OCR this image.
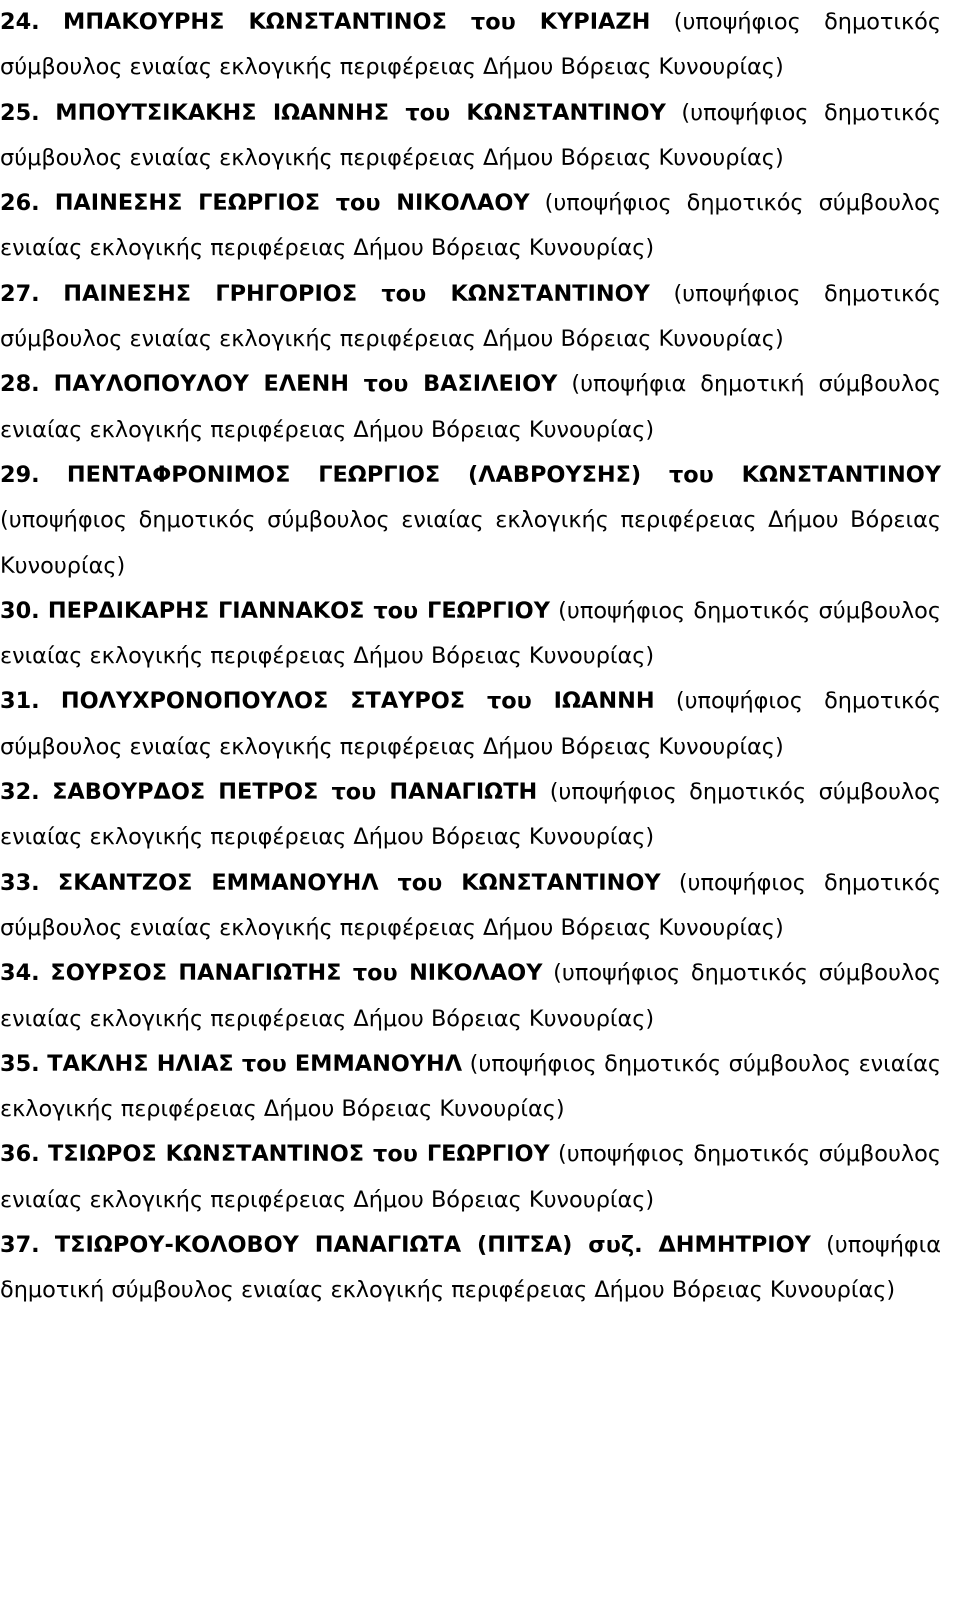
24. ΜΠΑΚΟΥΡΗΣ ΚΩΝΣΤΑΝΤΙΝΟΣ του ΚΥΡΙΑΖΗ (υποψήφιος δημοτικός σύμβουλος ενιαίας εκλογικής περιφέρειας Δήμου Βόρειας Κυνουρίας)

25. ΜΠΟΥΤΣΙΚΑΚΗΣ ΙΩΑΝΝΗΣ του ΚΩΝΣΤΑΝΤΙΝΟΥ (υποψήφιος δημοτικός σύμβουλος ενιαίας εκλογικής περιφέρειας Δήμου Βόρειας Κυνουρίας)

26. ΠΑΙΝΕΣΗΣ ΓΕΩΡΓΙΟΣ του ΝΙΚΟΛΑΟΥ (υποψήφιος δημοτικός σύμβουλος ενιαίας εκλογικής περιφέρειας Δήμου Βόρειας Κυνουρίας)

27. ΠΑΙΝΕΣΗΣ ΓΡΗΓΟΡΙΟΣ του ΚΩΝΣΤΑΝΤΙΝΟΥ (υποψήφιος δημοτικός σύμβουλος ενιαίας εκλογικής περιφέρειας Δήμου Βόρειας Κυνουρίας)

28. ΠΑΥΛΟΠΟΥΛΟΥ ΕΛΕΝΗ του ΒΑΣΙΛΕΙΟΥ (υποψήφια δημοτική σύμβουλος ενιαίας εκλογικής περιφέρειας Δήμου Βόρειας Κυνουρίας)

29. ΠΕΝΤΑΦΡΟΝΙΜΟΣ ΓΕΩΡΓΙΟΣ (ΛΑΒΡΟΥΣΗΣ) του ΚΩΝΣΤΑΝΤΙΝΟΥ (υποψήφιος δημοτικός σύμβουλος ενιαίας εκλογικής περιφέρειας Δήμου Βόρειας Κυνουρίας)

30. ΠΕΡΔΙΚΑΡΗΣ ΓΙΑΝΝΑΚΟΣ του ΓΕΩΡΓΙΟΥ (υποψήφιος δημοτικός σύμβουλος ενιαίας εκλογικής περιφέρειας Δήμου Βόρειας Κυνουρίας)

31. ΠΟΛΥΧΡΟΝΟΠΟΥΛΟΣ ΣΤΑΥΡΟΣ του ΙΩΑΝΝΗ (υποψήφιος δημοτικός σύμβουλος ενιαίας εκλογικής περιφέρειας Δήμου Βόρειας Κυνουρίας)

32. ΣΑΒΟΥΡΔΟΣ ΠΕΤΡΟΣ του ΠΑΝΑΓΙΩΤΗ (υποψήφιος δημοτικός σύμβουλος ενιαίας εκλογικής περιφέρειας Δήμου Βόρειας Κυνουρίας)

33. ΣΚΑΝΤΖΟΣ ΕΜΜΑΝΟΥΗΛ του ΚΩΝΣΤΑΝΤΙΝΟΥ (υποψήφιος δημοτικός σύμβουλος ενιαίας εκλογικής περιφέρειας Δήμου Βόρειας Κυνουρίας)

34. ΣΟΥΡΣΟΣ ΠΑΝΑΓΙΩΤΗΣ του ΝΙΚΟΛΑΟΥ (υποψήφιος δημοτικός σύμβουλος ενιαίας εκλογικής περιφέρειας Δήμου Βόρειας Κυνουρίας)

35. ΤΑΚΛΗΣ ΗΛΙΑΣ του ΕΜΜΑΝΟΥΗΛ (υποψήφιος δημοτικός σύμβουλος ενιαίας εκλογικής περιφέρειας Δήμου Βόρειας Κυνουρίας)

36. ΤΣΙΩΡΟΣ ΚΩΝΣΤΑΝΤΙΝΟΣ του ΓΕΩΡΓΙΟΥ (υποψήφιος δημοτικός σύμβουλος ενιαίας εκλογικής περιφέρειας Δήμου Βόρειας Κυνουρίας)

37. ΤΣΙΩΡΟΥ-ΚΟΛΟΒΟΥ ΠΑΝΑΓΙΩΤΑ (ΠΙΤΣΑ) συζ. ΔΗΜΗΤΡΙΟΥ (υποψήφια δημοτική σύμβουλος ενιαίας εκλογικής περιφέρειας Δήμου Βόρειας Κυνουρίας)
